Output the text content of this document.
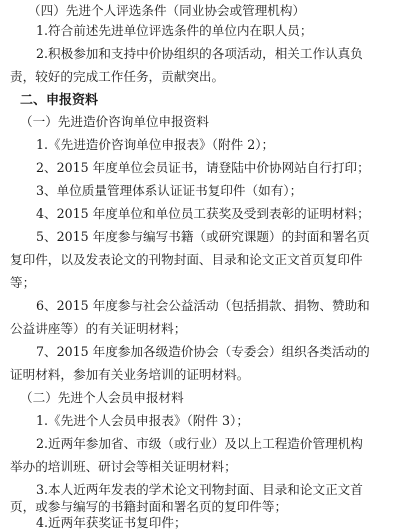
（四）先进个人评选条件（同业协会或管理机构）
1.符合前述先进单位评选条件的单位内在职人员；
2.积极参加和支持中价协组织的各项活动，相关工作认真负
责，较好的完成工作任务，贡献突出。
二、申报资料
（一）先进造价咨询单位申报资料
1.《先进造价咨询单位申报表》（附件 2）；
2、2015 年度单位会员证书，请登陆中价协网站自行打印；
3、单位质量管理体系认证证书复印件（如有）；
4、2015 年度单位和单位员工获奖及受到表彰的证明材料；
5、2015 年度参与编写书籍（或研究课题）的封面和署名页
复印件，以及发表论文的刊物封面、目录和论文正文首页复印件
等；
6、2015 年度参与社会公益活动（包括捐款、捐物、赞助和
公益讲座等）的有关证明材料；
7、2015 年度参加各级造价协会（专委会）组织各类活动的
证明材料，参加有关业务培训的证明材料。
（二）先进个人会员申报材料
1.《先进个人会员申报表》（附件 3）；
2.近两年参加省、市级（或行业）及以上工程造价管理机构
举办的培训班、研讨会等相关证明材料；
3.本人近两年发表的学术论文刊物封面、目录和论文正文首
页，或参与编写的书籍封面和署名页的复印件等；
4.近两年获奖证书复印件；
